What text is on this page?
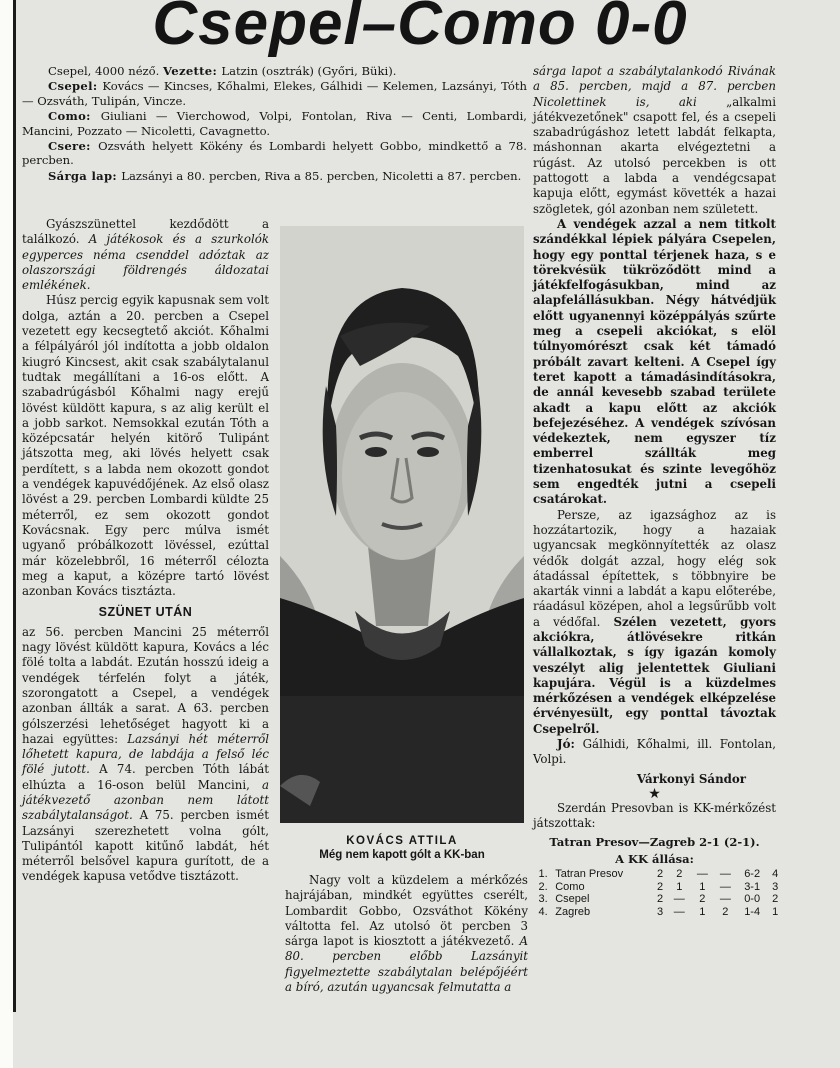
Csepel–Como 0-0

Csepel, 4000 néző. Vezette: Latzin (osztrák) (Győri, Büki).

Csepel: Kovács — Kincses, Kőhalmi, Elekes, Gálhidi — Kelemen, Lazsányi, Tóth — Ozsváth, Tulipán, Vincze.

Como: Giuliani — Vierchowod, Volpi, Fontolan, Riva — Centi, Lombardi, Mancini, Pozzato — Nicoletti, Cavagnetto.

Csere: Ozsváth helyett Kökény és Lombardi helyett Gobbo, mindkettő a 78. percben.

Sárga lap: Lazsányi a 80. percben, Riva a 85. percben, Nicoletti a 87. percben.

Gyászszünettel kezdődött a találkozó. A játékosok és a szurkolók egyperces néma csenddel adóztak az olaszországi földrengés áldozatai emlékének.

Húsz percig egyik kapusnak sem volt dolga, aztán a 20. percben a Csepel vezetett egy kecsegtető akciót. Kőhalmi a félpályáról jól indította a jobb oldalon kiugró Kincsest, akit csak szabálytalanul tudtak megállítani a 16-os előtt. A szabadrúgásból Kőhalmi nagy erejű lövést küldött kapura, s az alig került el a jobb sarkot. Nemsokkal ezután Tóth a középcsatár helyén kitörő Tulipánt játszotta meg, aki lövés helyett csak perdített, s a labda nem okozott gondot a vendégek kapuvédőjének. Az első olasz lövést a 29. percben Lombardi küldte 25 méterről, ez sem okozott gondot Kovácsnak. Egy perc múlva ismét ugyanő próbálkozott lövéssel, ezúttal már közelebbről, 16 méterről célozta meg a kaput, a középre tartó lövést azonban Kovács tisztázta.

SZÜNET UTÁN

az 56. percben Mancini 25 méterről nagy lövést küldött kapura, Kovács a léc fölé tolta a labdát. Ezután hosszú ideig a vendégek térfelén folyt a játék, szorongatott a Csepel, a vendégek azonban állták a sarat. A 63. percben gólszerzési lehetőséget hagyott ki a hazai együttes: Lazsányi hét méterről lőhetett kapura, de labdája a felső léc fölé jutott. A 74. percben Tóth lábát elhúzta a 16-oson belül Mancini, a játékvezető azonban nem látott szabálytalanságot. A 75. percben ismét Lazsányi szerezhetett volna gólt, Tulipántól kapott kitűnő labdát, hét méterről belsővel kapura gurított, de a vendégek kapusa vetődve tisztázott.

KOVÁCS ATTILA
Még nem kapott gólt a KK-ban

Nagy volt a küzdelem a mérkőzés hajrájában, mindkét együttes cserélt, Lombardit Gobbo, Ozsváthot Kökény váltotta fel. Az utolsó öt percben 3 sárga lapot is kiosztott a játékvezető. A 80. percben előbb Lazsányit figyelmeztette szabálytalan belépőjéért a bíró, azután ugyancsak felmutatta a

sárga lapot a szabálytalankodó Rivának a 85. percben, majd a 87. percben Nicolettinek is, aki „alkalmi játékvezetőnek" csapott fel, és a csepeli szabadrúgáshoz letett labdát felkapta, máshonnan akarta elvégeztetni a rúgást. Az utolsó percekben is ott pattogott a labda a vendégcsapat kapuja előtt, egymást követték a hazai szögletek, gól azonban nem született.

A vendégek azzal a nem titkolt szándékkal lépiek pályára Csepelen, hogy egy ponttal térjenek haza, s e törekvésük tükröződött mind a játékfelfogásukban, mind az alapfelállásukban. Négy hátvédjük előtt ugyanennyi középpályás szűrte meg a csepeli akciókat, s elöl túlnyomórészt csak két támadó próbált zavart kelteni. A Csepel így teret kapott a támadásindításokra, de annál kevesebb szabad területe akadt a kapu előtt az akciók befejezéséhez. A vendégek szívósan védekeztek, nem egyszer tíz emberrel szállták meg tizenhatosukat és szinte levegőhöz sem engedték jutni a csepeli csatárokat.

Persze, az igazsághoz az is hozzátartozik, hogy a hazaiak ugyancsak megkönnyítették az olasz védők dolgát azzal, hogy elég sok átadással építettek, s többnyire be akarták vinni a labdát a kapu előterébe, ráadásul középen, ahol a legsűrűbb volt a védőfal. Szélen vezetett, gyors akciókra, átlövésekre ritkán vállalkoztak, s így igazán komoly veszélyt alig jelentettek Giuliani kapujára. Végül is a küzdelmes mérkőzésen a vendégek elképzelése érvényesült, egy ponttal távoztak Csepelről.

Jó: Gálhidi, Kőhalmi, ill. Fontolan, Volpi.

Várkonyi Sándor
★

Szerdán Presovban is KK-mérkőzést játszottak:

Tatran Presov—Zagreb 2-1 (2-1).
A KK állása:
1.	Tatran Presov	2	2	—	—	6-2	4
2.	Como	2	1	1	—	3-1	3
3.	Csepel	2	—	2	—	0-0	2
4.	Zagreb	3	—	1	2	1-4	1
